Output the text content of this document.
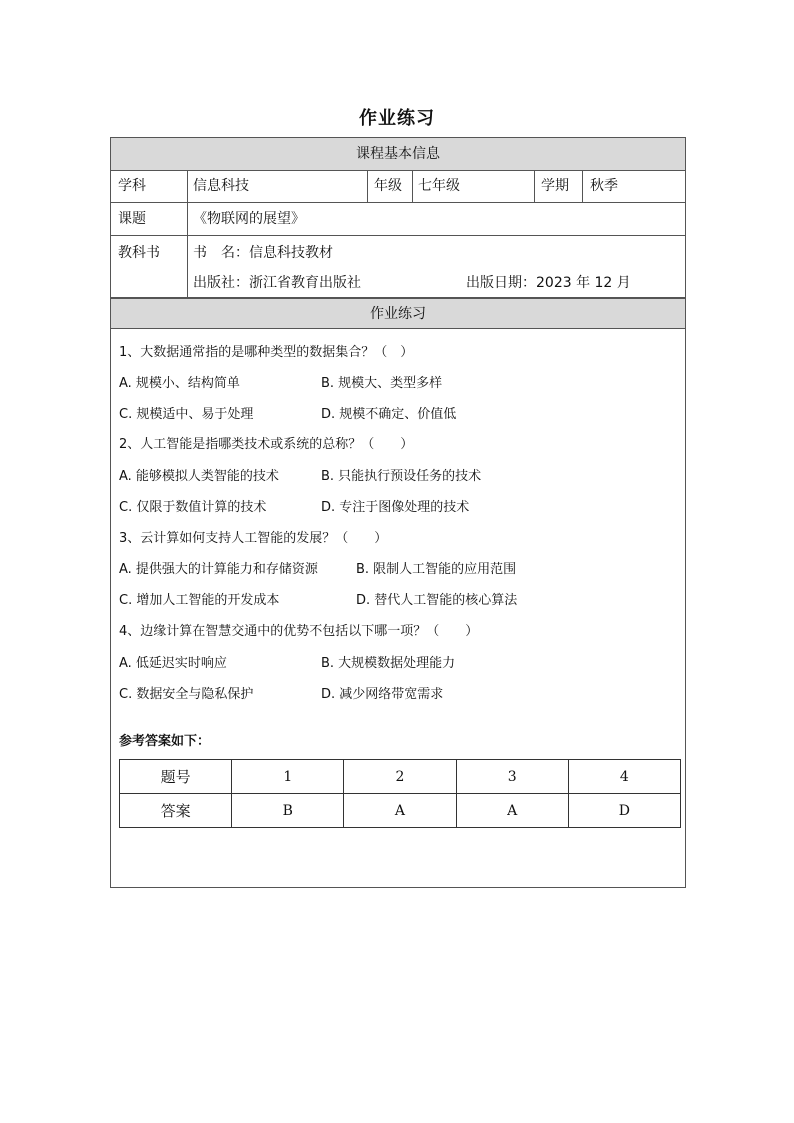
作业练习
课程基本信息
学科	信息科技	年级	七年级	学期	秋季
课题	《物联网的展望》
教科书	书　名：信息科技教材
出版社：浙江省教育出版社	出版日期：2023 年 12 月
作业练习
1、大数据通常指的是哪种类型的数据集合？（　）
A. 规模小、结构简单	B. 规模大、类型多样
C. 规模适中、易于处理	D. 规模不确定、价值低
2、人工智能是指哪类技术或系统的总称？（　　）
A. 能够模拟人类智能的技术	B. 只能执行预设任务的技术
C. 仅限于数值计算的技术	D. 专注于图像处理的技术
3、云计算如何支持人工智能的发展？（　　）
A. 提供强大的计算能力和存储资源	B. 限制人工智能的应用范围
C. 增加人工智能的开发成本	D. 替代人工智能的核心算法
4、边缘计算在智慧交通中的优势不包括以下哪一项？（　　）
A. 低延迟实时响应	B. 大规模数据处理能力
C. 数据安全与隐私保护	D. 减少网络带宽需求
参考答案如下：
题号	1	2	3	4
答案	B	A	A	D
